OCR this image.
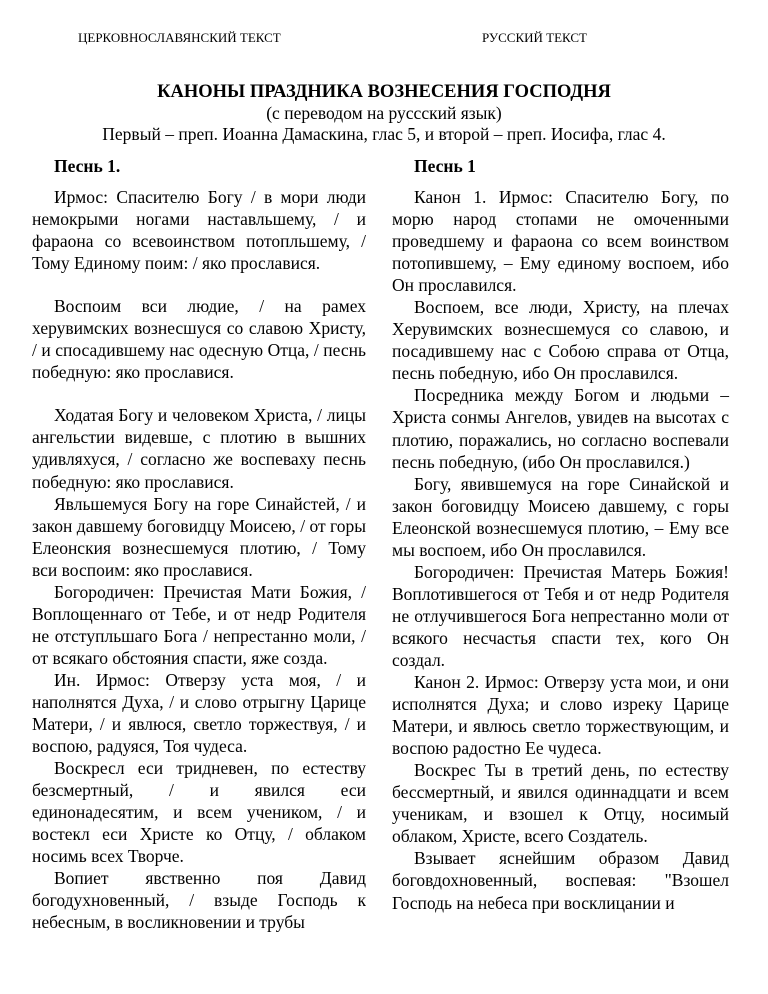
ЦЕРКОВНОСЛАВЯНСКИЙ ТЕКСТ	РУССКИЙ ТЕКСТ
КАНОНЫ ПРАЗДНИКА ВОЗНЕСЕНИЯ ГОСПОДНЯ
(с переводом на руссский язык)
Первый – преп. Иоанна Дамаскина, глас 5, и второй – преп. Иосифа, глас 4.
Песнь 1.

Ирмос: Спасителю Богу / в мори люди немокрыми ногами наставльшему, / и фараона со всевоинством потопльшему, / Тому Единому поим: / яко прославися.

Воспоим вси людие, / на рамех херувимских вознесшуся со славою Христу, / и спосадившему нас одесную Отца, / песнь победную: яко прославися.

Ходатая Богу и человеком Христа, / лицы ангельстии видевше, с плотию в вышних удивляхуся, / согласно же воспеваху песнь победную: яко прославися.

Явльшемуся Богу на горе Синайстей, / и закон давшему боговидцу Моисею, / от горы Елеонския вознесшемуся плотию, / Тому вси воспоим: яко прославися.

Богородичен: Пречистая Мати Божия, / Воплощеннаго от Тебе, и от недр Родителя не отступльшаго Бога / непрестанно моли, / от всякаго обстояния спасти, яже созда.

Ин. Ирмос: Отверзу уста моя, / и наполнятся Духа, / и слово отрыгну Царице Матери, / и явлюся, светло торжествуя, / и воспою, радуяся, Тоя чудеса.

Воскресл еси тридневен, по естеству безсмертный, / и явился еси единонадесятим, и всем учеником, / и востекл еси Христе ко Отцу, / облаком носимь всех Творче.

Вопиет явственно поя Давид богодухновенный, / взыде Господь к небесным, в восликновении и трубы

Песнь 1

Канон 1. Ирмос: Спасителю Богу, по морю народ стопами не омоченными проведшему и фараона со всем воинством потопившему, – Ему единому воспоем, ибо Он прославился.

Воспоем, все люди, Христу, на плечах Херувимских вознесшемуся со славою, и посадившему нас с Собою справа от Отца, песнь победную, ибо Он прославился.

Посредника между Богом и людьми – Христа сонмы Ангелов, увидев на высотах с плотию, поражались, но согласно воспевали песнь победную, (ибо Он прославился.)

Богу, явившемуся на горе Синайской и закон боговидцу Моисею давшему, с горы Елеонской вознесшемуся плотию, – Ему все мы воспоем, ибо Он прославился.

Богородичен: Пречистая Матерь Божия! Воплотившегося от Тебя и от недр Родителя не отлучившегося Бога непрестанно моли от всякого несчастья спасти тех, кого Он создал.

Канон 2. Ирмос: Отверзу уста мои, и они исполнятся Духа; и слово изреку Царице Матери, и явлюсь светло торжествующим, и воспою радостно Ее чудеса.

Воскрес Ты в третий день, по естеству бессмертный, и явился одиннадцати и всем ученикам, и взошел к Отцу, носимый облаком, Христе, всего Создатель.

Взывает яснейшим образом Давид боговдохновенный, воспевая: "Взошел Господь на небеса при восклицании и
